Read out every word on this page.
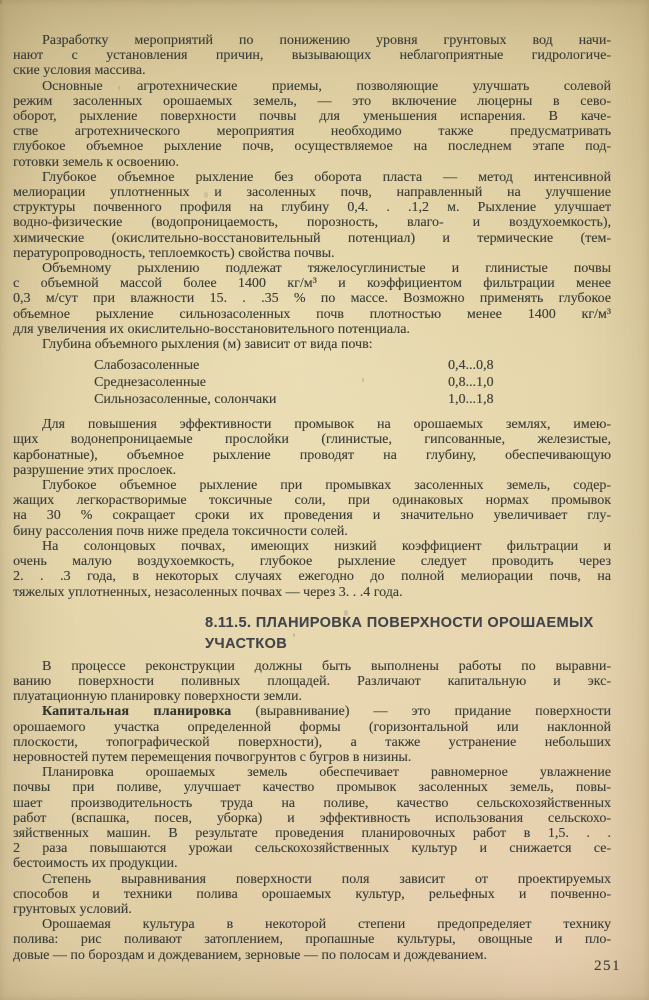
Разработку мероприятий по понижению уровня грунтовых вод начи-
нают с установления причин, вызывающих неблагоприятные гидрологиче-
ские условия массива.
Основные агротехнические приемы, позволяющие улучшать солевой
режим засоленных орошаемых земель, — это включение люцерны в сево-
оборот, рыхление поверхности почвы для уменьшения испарения. В каче-
стве агротехнического мероприятия необходимо также предусматривать
глубокое объемное рыхление почв, осуществляемое на последнем этапе под-
готовки земель к освоению.
Глубокое объемное рыхление без оборота пласта — метод интенсивной
мелиорации уплотненных и засоленных почв, направленный на улучшение
структуры почвенного профиля на глубину 0,4. . .1,2 м. Рыхление улучшает
водно-физические (водопроницаемость, порозность, влаго- и воздухоемкость),
химические (окислительно-восстановительный потенциал) и термические (тем-
пературопроводность, теплоемкость) свойства почвы.
Объемному рыхлению подлежат тяжелосуглинистые и глинистые почвы
с объемной массой более 1400 кг/м³ и коэффициентом фильтрации менее
0,3 м/сут при влажности 15. . .35 % по массе. Возможно применять глубокое
объемное рыхление сильнозасоленных почв плотностью менее 1400 кг/м³
для увеличения их окислительно-восстановительного потенциала.
Глубина объемного рыхления (м) зависит от вида почв:
Слабозасоленные	0,4...0,8
Среднезасоленные	0,8...1,0
Сильнозасоленные, солончаки	1,0...1,8
Для повышения эффективности промывок на орошаемых землях, имею-
щих водонепроницаемые прослойки (глинистые, гипсованные, железистые,
карбонатные), объемное рыхление проводят на глубину, обеспечивающую
разрушение этих прослоек.
Глубокое объемное рыхление при промывках засоленных земель, содер-
жащих легкорастворимые токсичные соли, при одинаковых нормах промывок
на 30 % сокращает сроки их проведения и значительно увеличивает глу-
бину рассоления почв ниже предела токсичности солей.
На солонцовых почвах, имеющих низкий коэффициент фильтрации и
очень малую воздухоемкость, глубокое рыхление следует проводить через
2. . .3 года, в некоторых случаях ежегодно до полной мелиорации почв, на
тяжелых уплотненных, незасоленных почвах — через 3. . .4 года.
8.11.5. ПЛАНИРОВКА ПОВЕРХНОСТИ ОРОШАЕМЫХ
УЧАСТКОВ
В процессе реконструкции должны быть выполнены работы по выравни-
ванию поверхности поливных площадей. Различают капитальную и экс-
плуатационную планировку поверхности земли.
Капитальная планировка (выравнивание) — это придание поверхности
орошаемого участка определенной формы (горизонтальной или наклонной
плоскости, топографической поверхности), а также устранение небольших
неровностей путем перемещения почвогрунтов с бугров в низины.
Планировка орошаемых земель обеспечивает равномерное увлажнение
почвы при поливе, улучшает качество промывок засоленных земель, повы-
шает производительность труда на поливе, качество сельскохозяйственных
работ (вспашка, посев, уборка) и эффективность использования сельскохо-
зяйственных машин. В результате проведения планировочных работ в 1,5. . .
2 раза повышаются урожаи сельскохозяйственных культур и снижается се-
бестоимость их продукции.
Степень выравнивания поверхности поля зависит от проектируемых
способов и техники полива орошаемых культур, рельефных и почвенно-
грунтовых условий.
Орошаемая культура в некоторой степени предопределяет технику
полива: рис поливают затоплением, пропашные культуры, овощные и пло-
довые — по бороздам и дождеванием, зерновые — по полосам и дождеванием.
251
